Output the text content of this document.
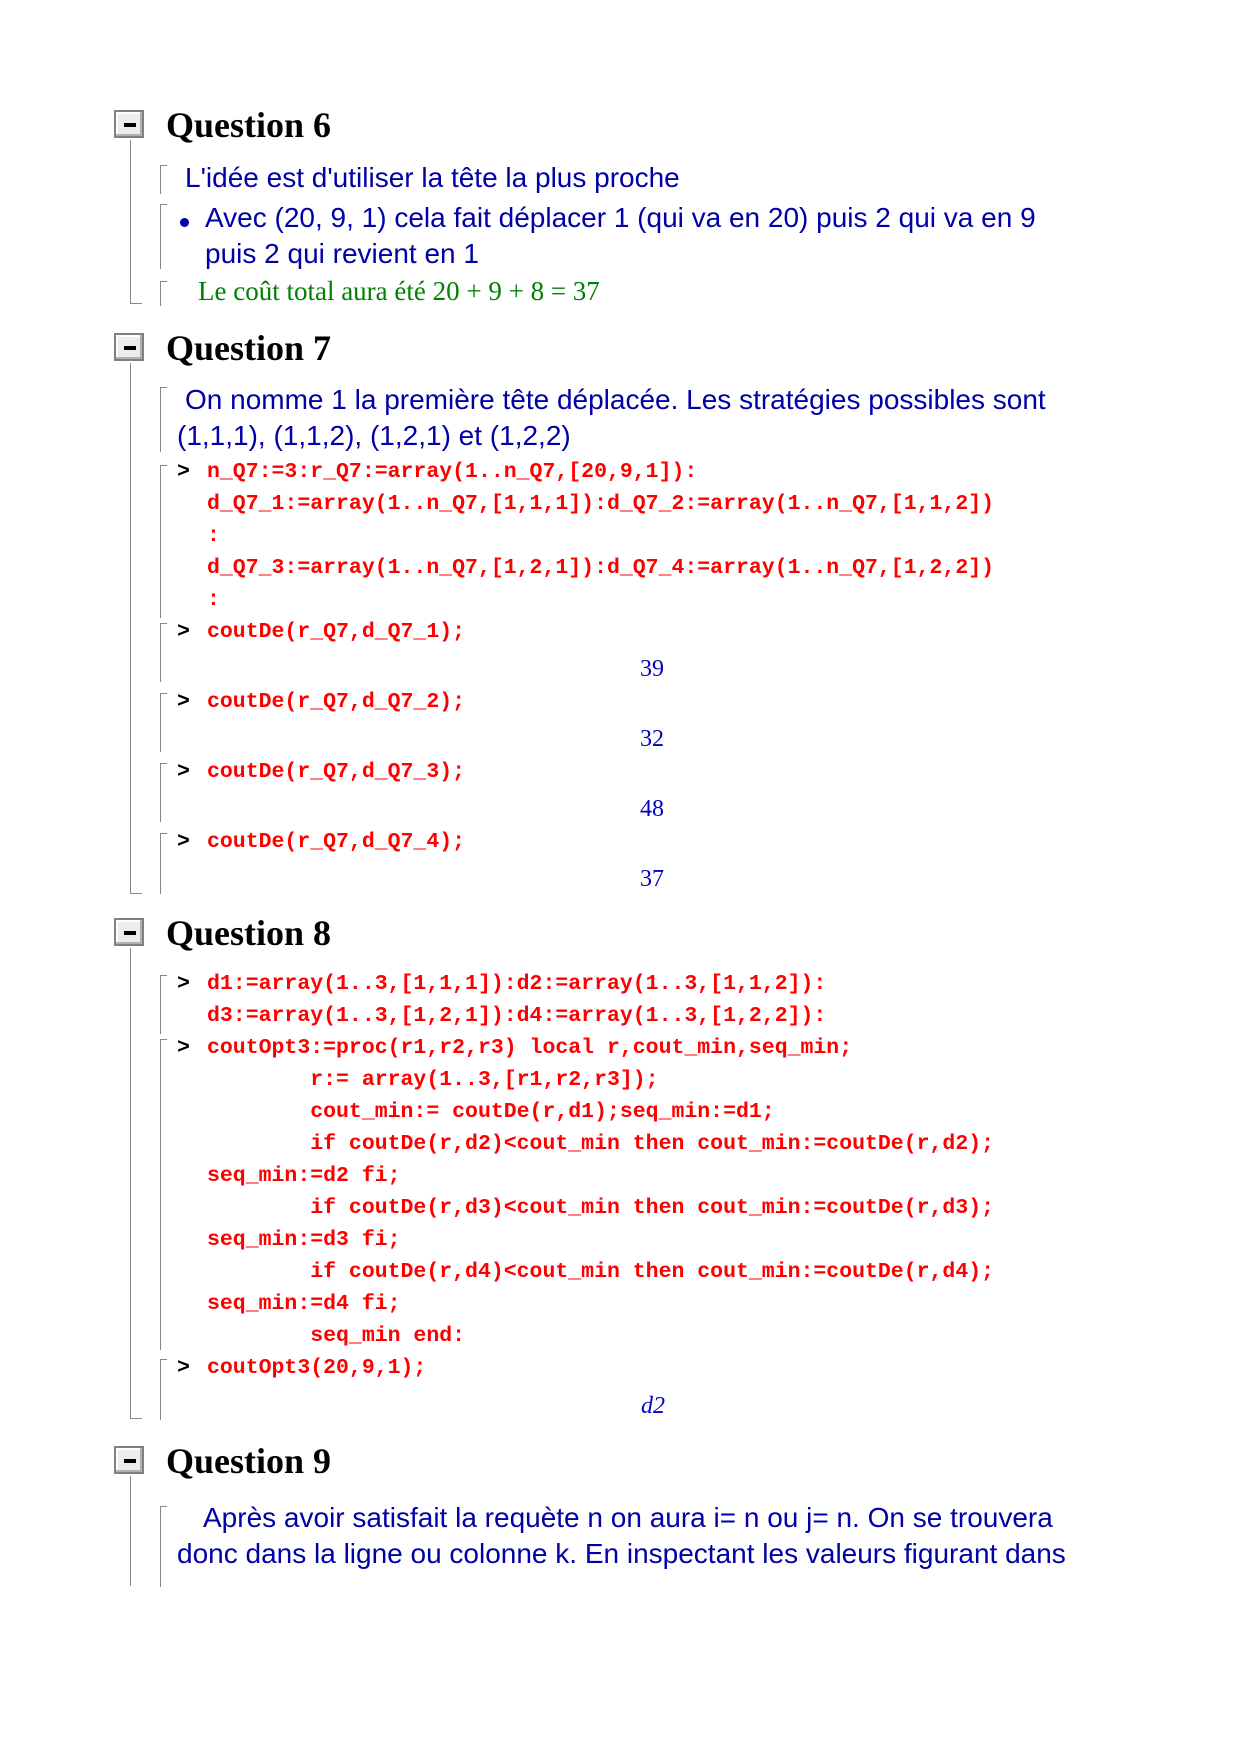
Question 6
L'idée est d'utiliser la tête la plus proche
Avec (20, 9, 1) cela fait déplacer 1 (qui va en 20) puis 2 qui va en 9
puis 2 qui revient en 1
Le coût total aura été 20 + 9 + 8 = 37
Question 7
On nomme 1 la première tête déplacée. Les stratégies possibles sont
(1,1,1), (1,1,2), (1,2,1) et (1,2,2)
> n_Q7:=3:r_Q7:=array(1..n_Q7,[20,9,1]):
d_Q7_1:=array(1..n_Q7,[1,1,1]):d_Q7_2:=array(1..n_Q7,[1,1,2])
:
d_Q7_3:=array(1..n_Q7,[1,2,1]):d_Q7_4:=array(1..n_Q7,[1,2,2])
:
> coutDe(r_Q7,d_Q7_1);
39
> coutDe(r_Q7,d_Q7_2);
32
> coutDe(r_Q7,d_Q7_3);
48
> coutDe(r_Q7,d_Q7_4);
37
Question 8
> d1:=array(1..3,[1,1,1]):d2:=array(1..3,[1,1,2]):
d3:=array(1..3,[1,2,1]):d4:=array(1..3,[1,2,2]):
> coutOpt3:=proc(r1,r2,r3) local r,cout_min,seq_min;
r:= array(1..3,[r1,r2,r3]);
cout_min:= coutDe(r,d1);seq_min:=d1;
if coutDe(r,d2)<cout_min then cout_min:=coutDe(r,d2);
seq_min:=d2 fi;
if coutDe(r,d3)<cout_min then cout_min:=coutDe(r,d3);
seq_min:=d3 fi;
if coutDe(r,d4)<cout_min then cout_min:=coutDe(r,d4);
seq_min:=d4 fi;
seq_min end:
> coutOpt3(20,9,1);
d2
Question 9
Après avoir satisfait la requète n on aura i= n ou j= n. On se trouvera
donc dans la ligne ou colonne k. En inspectant les valeurs figurant dans
